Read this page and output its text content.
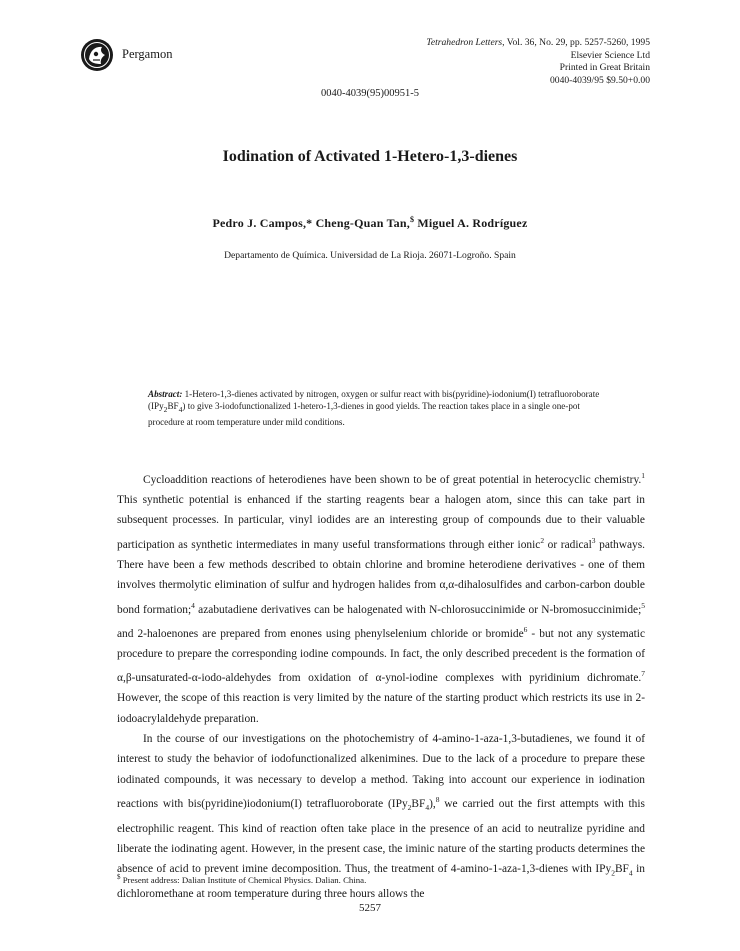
Pergamon
Tetrahedron Letters, Vol. 36, No. 29, pp. 5257-5260, 1995
Elsevier Science Ltd
Printed in Great Britain
0040-4039/95 $9.50+0.00
0040-4039(95)00951-5
Iodination of Activated 1-Hetero-1,3-dienes
Pedro J. Campos,* Cheng-Quan Tan,$ Miguel A. Rodríguez
Departamento de Química. Universidad de La Rioja. 26071-Logroño. Spain
Abstract: 1-Hetero-1,3-dienes activated by nitrogen, oxygen or sulfur react with bis(pyridine)-iodonium(I) tetrafluoroborate $(IPy_2BF_4)$ to give 3-iodofunctionalized 1-hetero-1,3-dienes in good yields. The reaction takes place in a single one-pot procedure at room temperature under mild conditions.

Cycloaddition reactions of heterodienes have been shown to be of great potential in heterocyclic chemistry.$^1$ This synthetic potential is enhanced if the starting reagents bear a halogen atom, since this can take part in subsequent processes. In particular, vinyl iodides are an interesting group of compounds due to their valuable participation as synthetic intermediates in many useful transformations through either ionic$^2$ or radical$^3$ pathways. There have been a few methods described to obtain chlorine and bromine heterodiene derivatives - one of them involves thermolytic elimination of sulfur and hydrogen halides from α,α-dihalosulfides and carbon-carbon double bond formation;$^4$ azabutadiene derivatives can be halogenated with N-chlorosuccinimide or N-bromosuccinimide;$^5$ and 2-haloenones are prepared from enones using phenylselenium chloride or bromide$^6$ - but not any systematic procedure to prepare the corresponding iodine compounds. In fact, the only described precedent is the formation of α,β-unsaturated-α-iodo-aldehydes from oxidation of α-ynol-iodine complexes with pyridinium dichromate.$^7$ However, the scope of this reaction is very limited by the nature of the starting product which restricts its use in 2-iodoacrylaldehyde preparation.

In the course of our investigations on the photochemistry of 4-amino-1-aza-1,3-butadienes, we found it of interest to study the behavior of iodofunctionalized alkenimines. Due to the lack of a procedure to prepare these iodinated compounds, it was necessary to develop a method. Taking into account our experience in iodination reactions with bis(pyridine)iodonium(I) tetrafluoroborate $(IPy_2BF_4),^8$ we carried out the first attempts with this electrophilic reagent. This kind of reaction often take place in the presence of an acid to neutralize pyridine and liberate the iodinating agent. However, in the present case, the iminic nature of the starting products determines the absence of acid to prevent imine decomposition. Thus, the treatment of 4-amino-1-aza-1,3-dienes with $IPy_2BF_4$ in dichloromethane at room temperature during three hours allows the

$ Present address: Dalian Institute of Chemical Physics. Dalian. China.
5257
